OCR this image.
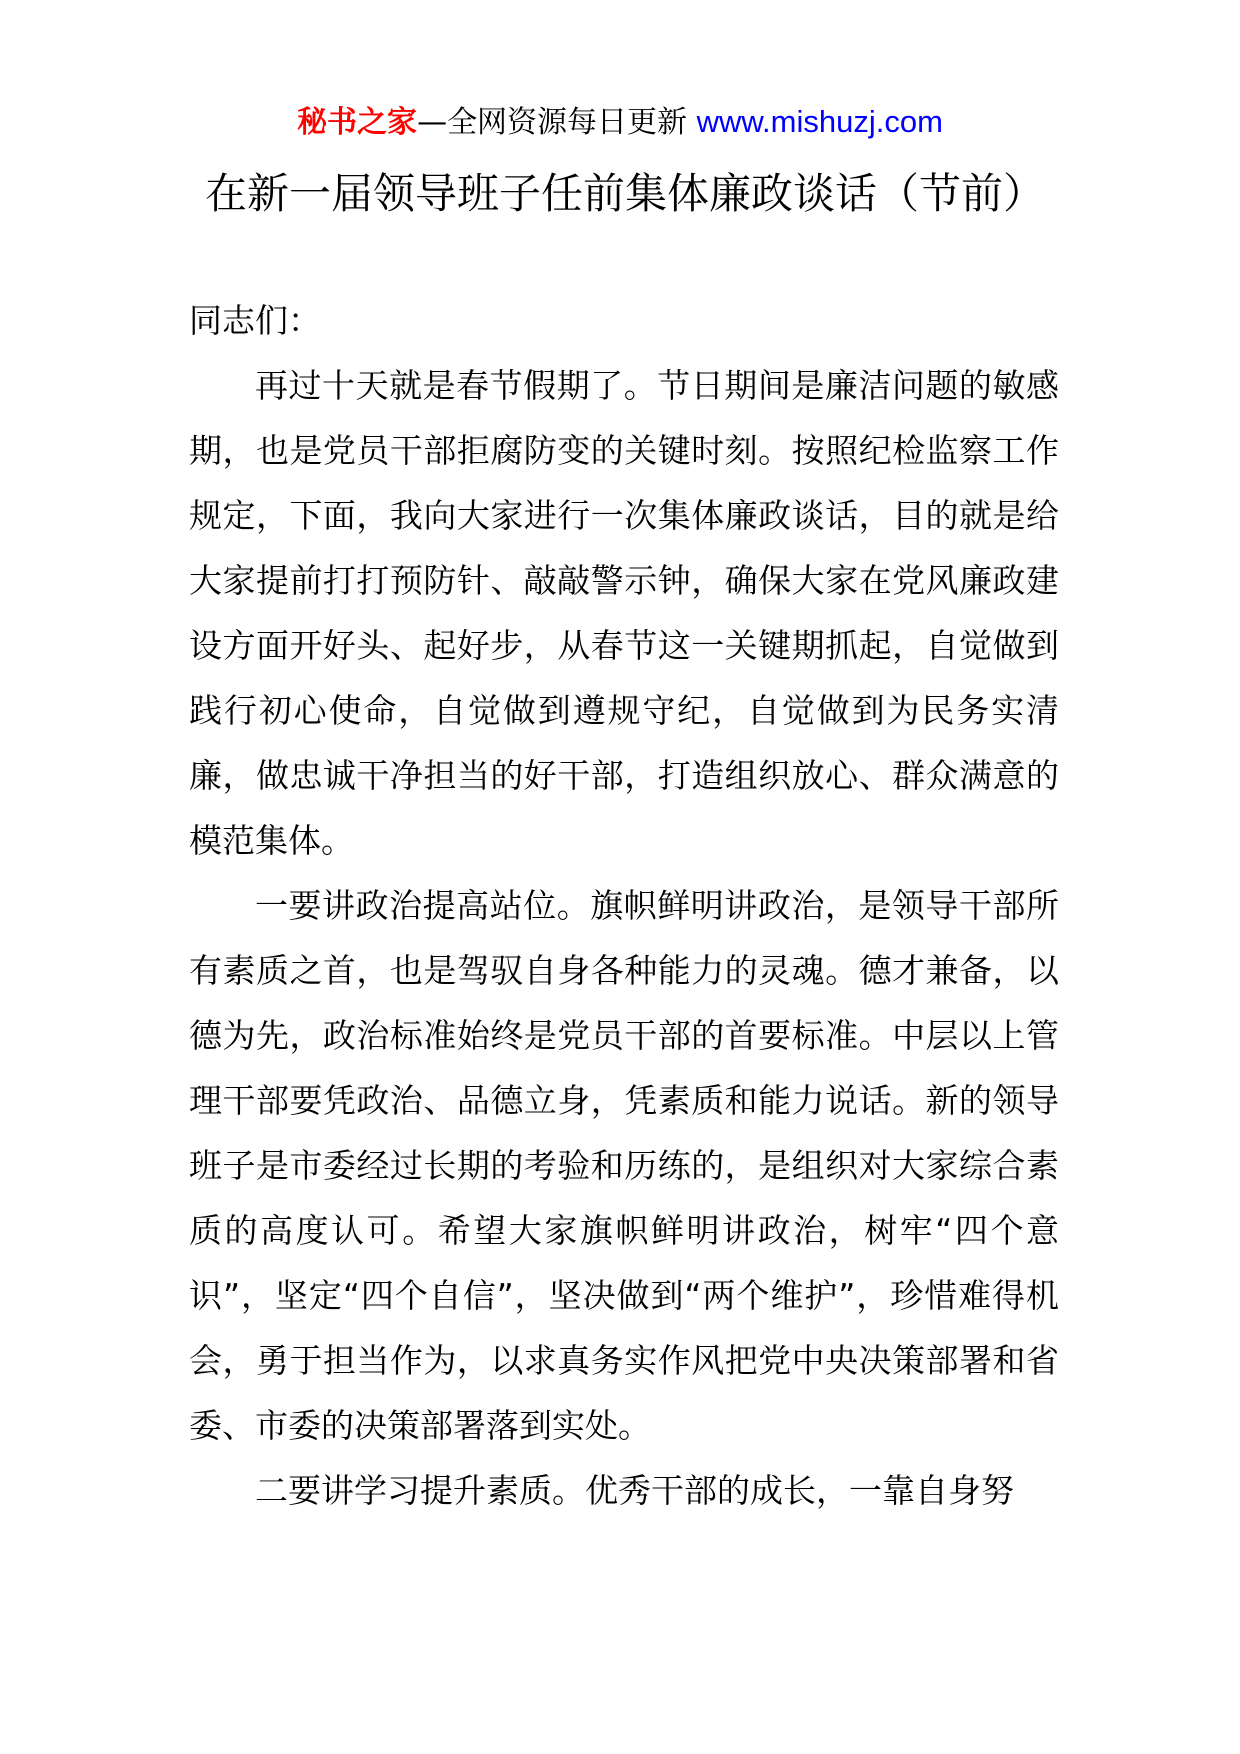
秘书之家—全网资源每日更新 www.mishuzj.com
在新一届领导班子任前集体廉政谈话（节前）

同志们：

再过十天就是春节假期了。节日期间是廉洁问题的敏感期，也是党员干部拒腐防变的关键时刻。按照纪检监察工作规定，下面，我向大家进行一次集体廉政谈话，目的就是给大家提前打打预防针、敲敲警示钟，确保大家在党风廉政建设方面开好头、起好步，从春节这一关键期抓起，自觉做到践行初心使命，自觉做到遵规守纪，自觉做到为民务实清廉，做忠诚干净担当的好干部，打造组织放心、群众满意的模范集体。

一要讲政治提高站位。旗帜鲜明讲政治，是领导干部所有素质之首，也是驾驭自身各种能力的灵魂。德才兼备，以德为先，政治标准始终是党员干部的首要标准。中层以上管理干部要凭政治、品德立身，凭素质和能力说话。新的领导班子是市委经过长期的考验和历练的，是组织对大家综合素质的高度认可。希望大家旗帜鲜明讲政治，树牢“四个意识”，坚定“四个自信”，坚决做到“两个维护”，珍惜难得机会，勇于担当作为，以求真务实作风把党中央决策部署和省委、市委的决策部署落到实处。

二要讲学习提升素质。优秀干部的成长，一靠自身努
